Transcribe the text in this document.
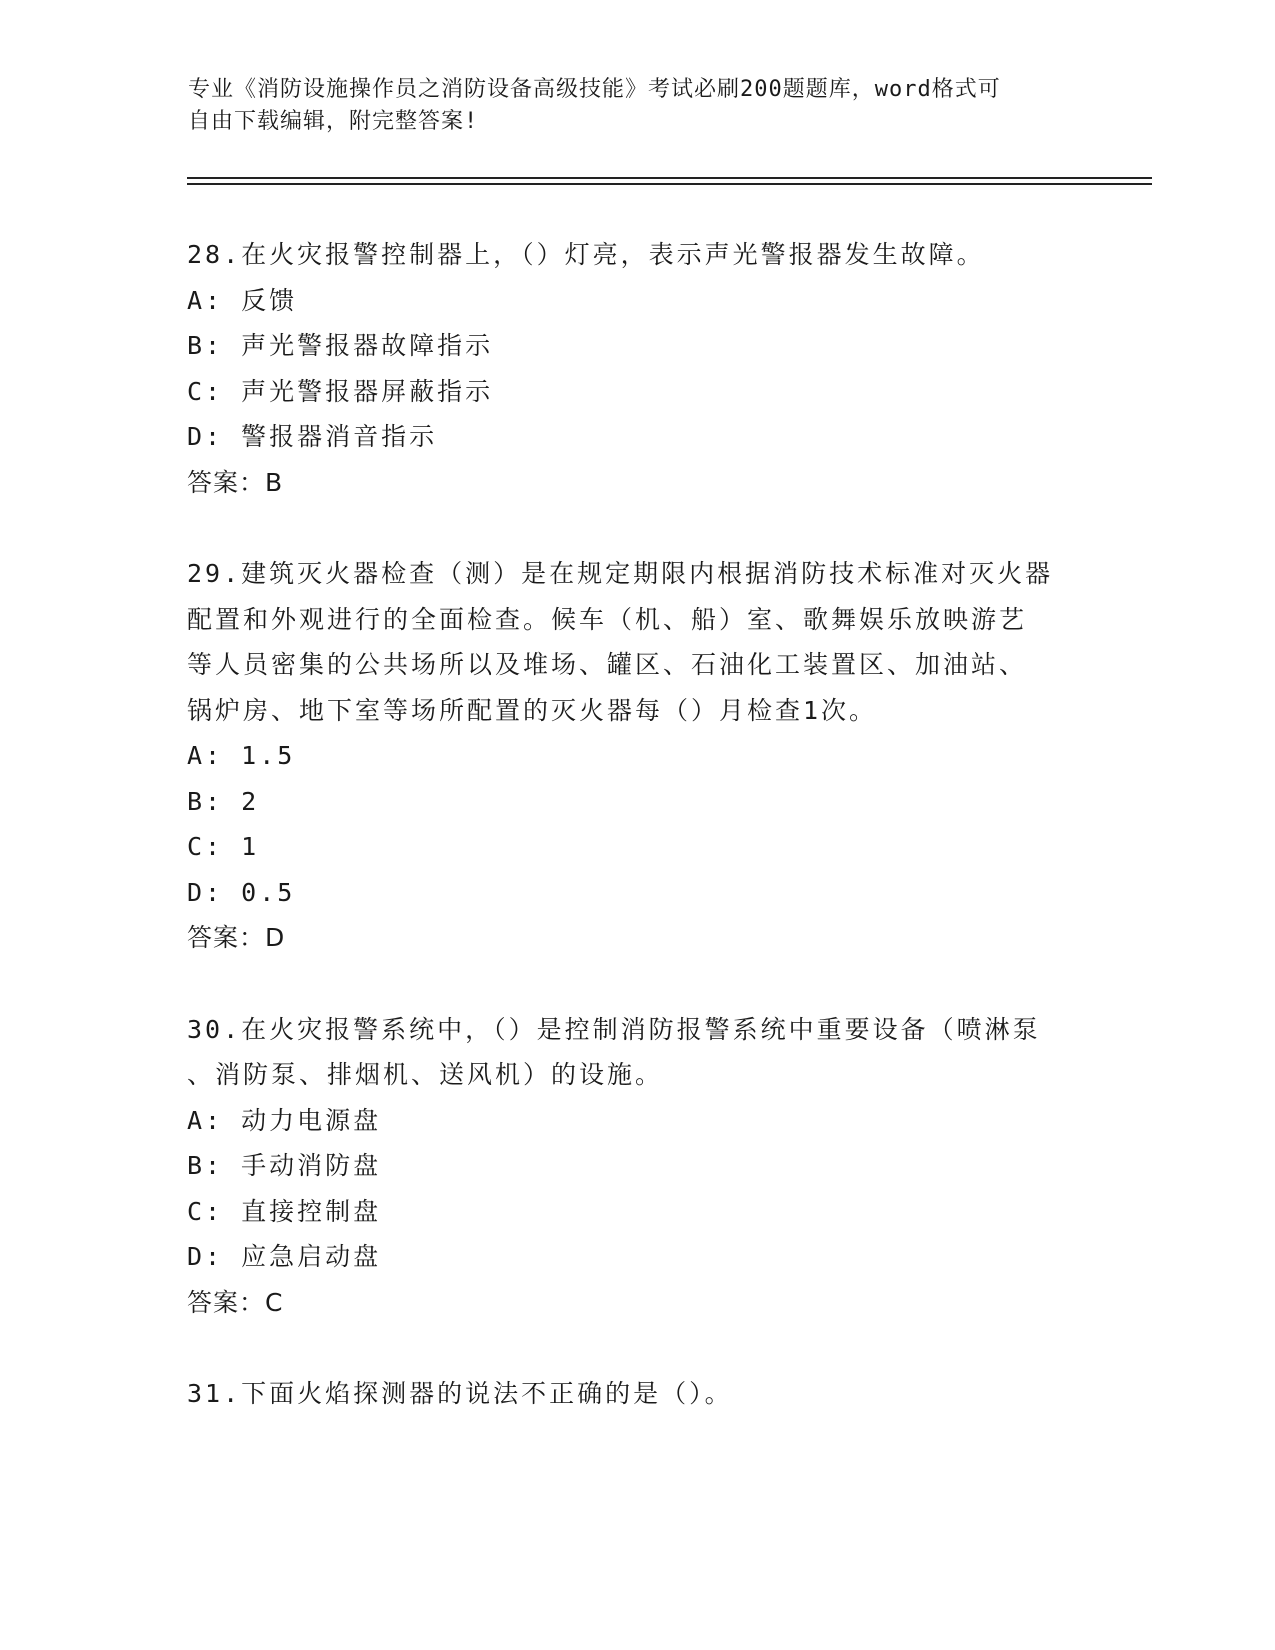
专业《消防设施操作员之消防设备高级技能》考试必刷200题题库，word格式可
自由下载编辑，附完整答案!
28.在火灾报警控制器上，（）灯亮，表示声光警报器发生故障。
A: 反馈
B: 声光警报器故障指示
C: 声光警报器屏蔽指示
D: 警报器消音指示
答案：B
29.建筑灭火器检查（测）是在规定期限内根据消防技术标准对灭火器
配置和外观进行的全面检查。候车（机、船）室、歌舞娱乐放映游艺
等人员密集的公共场所以及堆场、罐区、石油化工装置区、加油站、
锅炉房、地下室等场所配置的灭火器每（）月检查1次。
A: 1.5
B: 2
C: 1
D: 0.5
答案：D
30.在火灾报警系统中，（）是控制消防报警系统中重要设备（喷淋泵
、消防泵、排烟机、送风机）的设施。
A: 动力电源盘
B: 手动消防盘
C: 直接控制盘
D: 应急启动盘
答案：C
31.下面火焰探测器的说法不正确的是（）。
